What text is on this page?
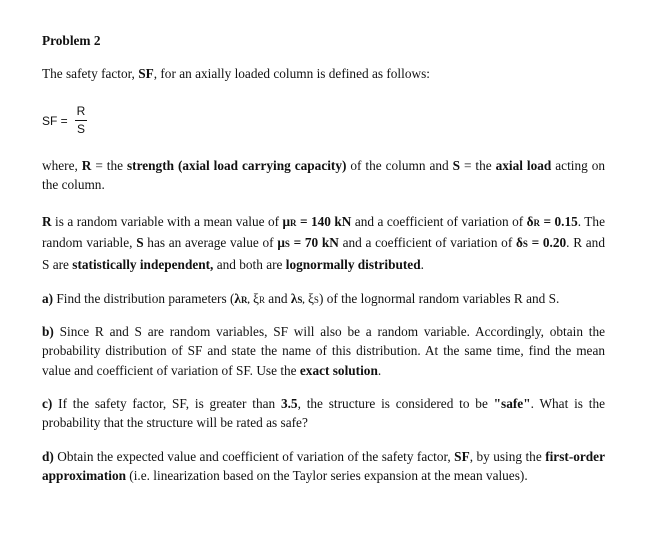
Problem 2
The safety factor, SF, for an axially loaded column is defined as follows:
SF =
R
S
where, R = the strength (axial load carrying capacity) of the column and S = the axial load acting on the column.
R is a random variable with a mean value of μR = 140 kN and a coefficient of variation of δR = 0.15. The random variable, S has an average value of μS = 70 kN and a coefficient of variation of δS = 0.20. R and S are statistically independent, and both are lognormally distributed.
a) Find the distribution parameters (λR, ξR and λS, ξS) of the lognormal random variables R and S.
b) Since R and S are random variables, SF will also be a random variable. Accordingly, obtain the probability distribution of SF and state the name of this distribution. At the same time, find the mean value and coefficient of variation of SF. Use the exact solution.
c) If the safety factor, SF, is greater than 3.5, the structure is considered to be "safe". What is the probability that the structure will be rated as safe?
d) Obtain the expected value and coefficient of variation of the safety factor, SF, by using the first-order approximation (i.e. linearization based on the Taylor series expansion at the mean values).
